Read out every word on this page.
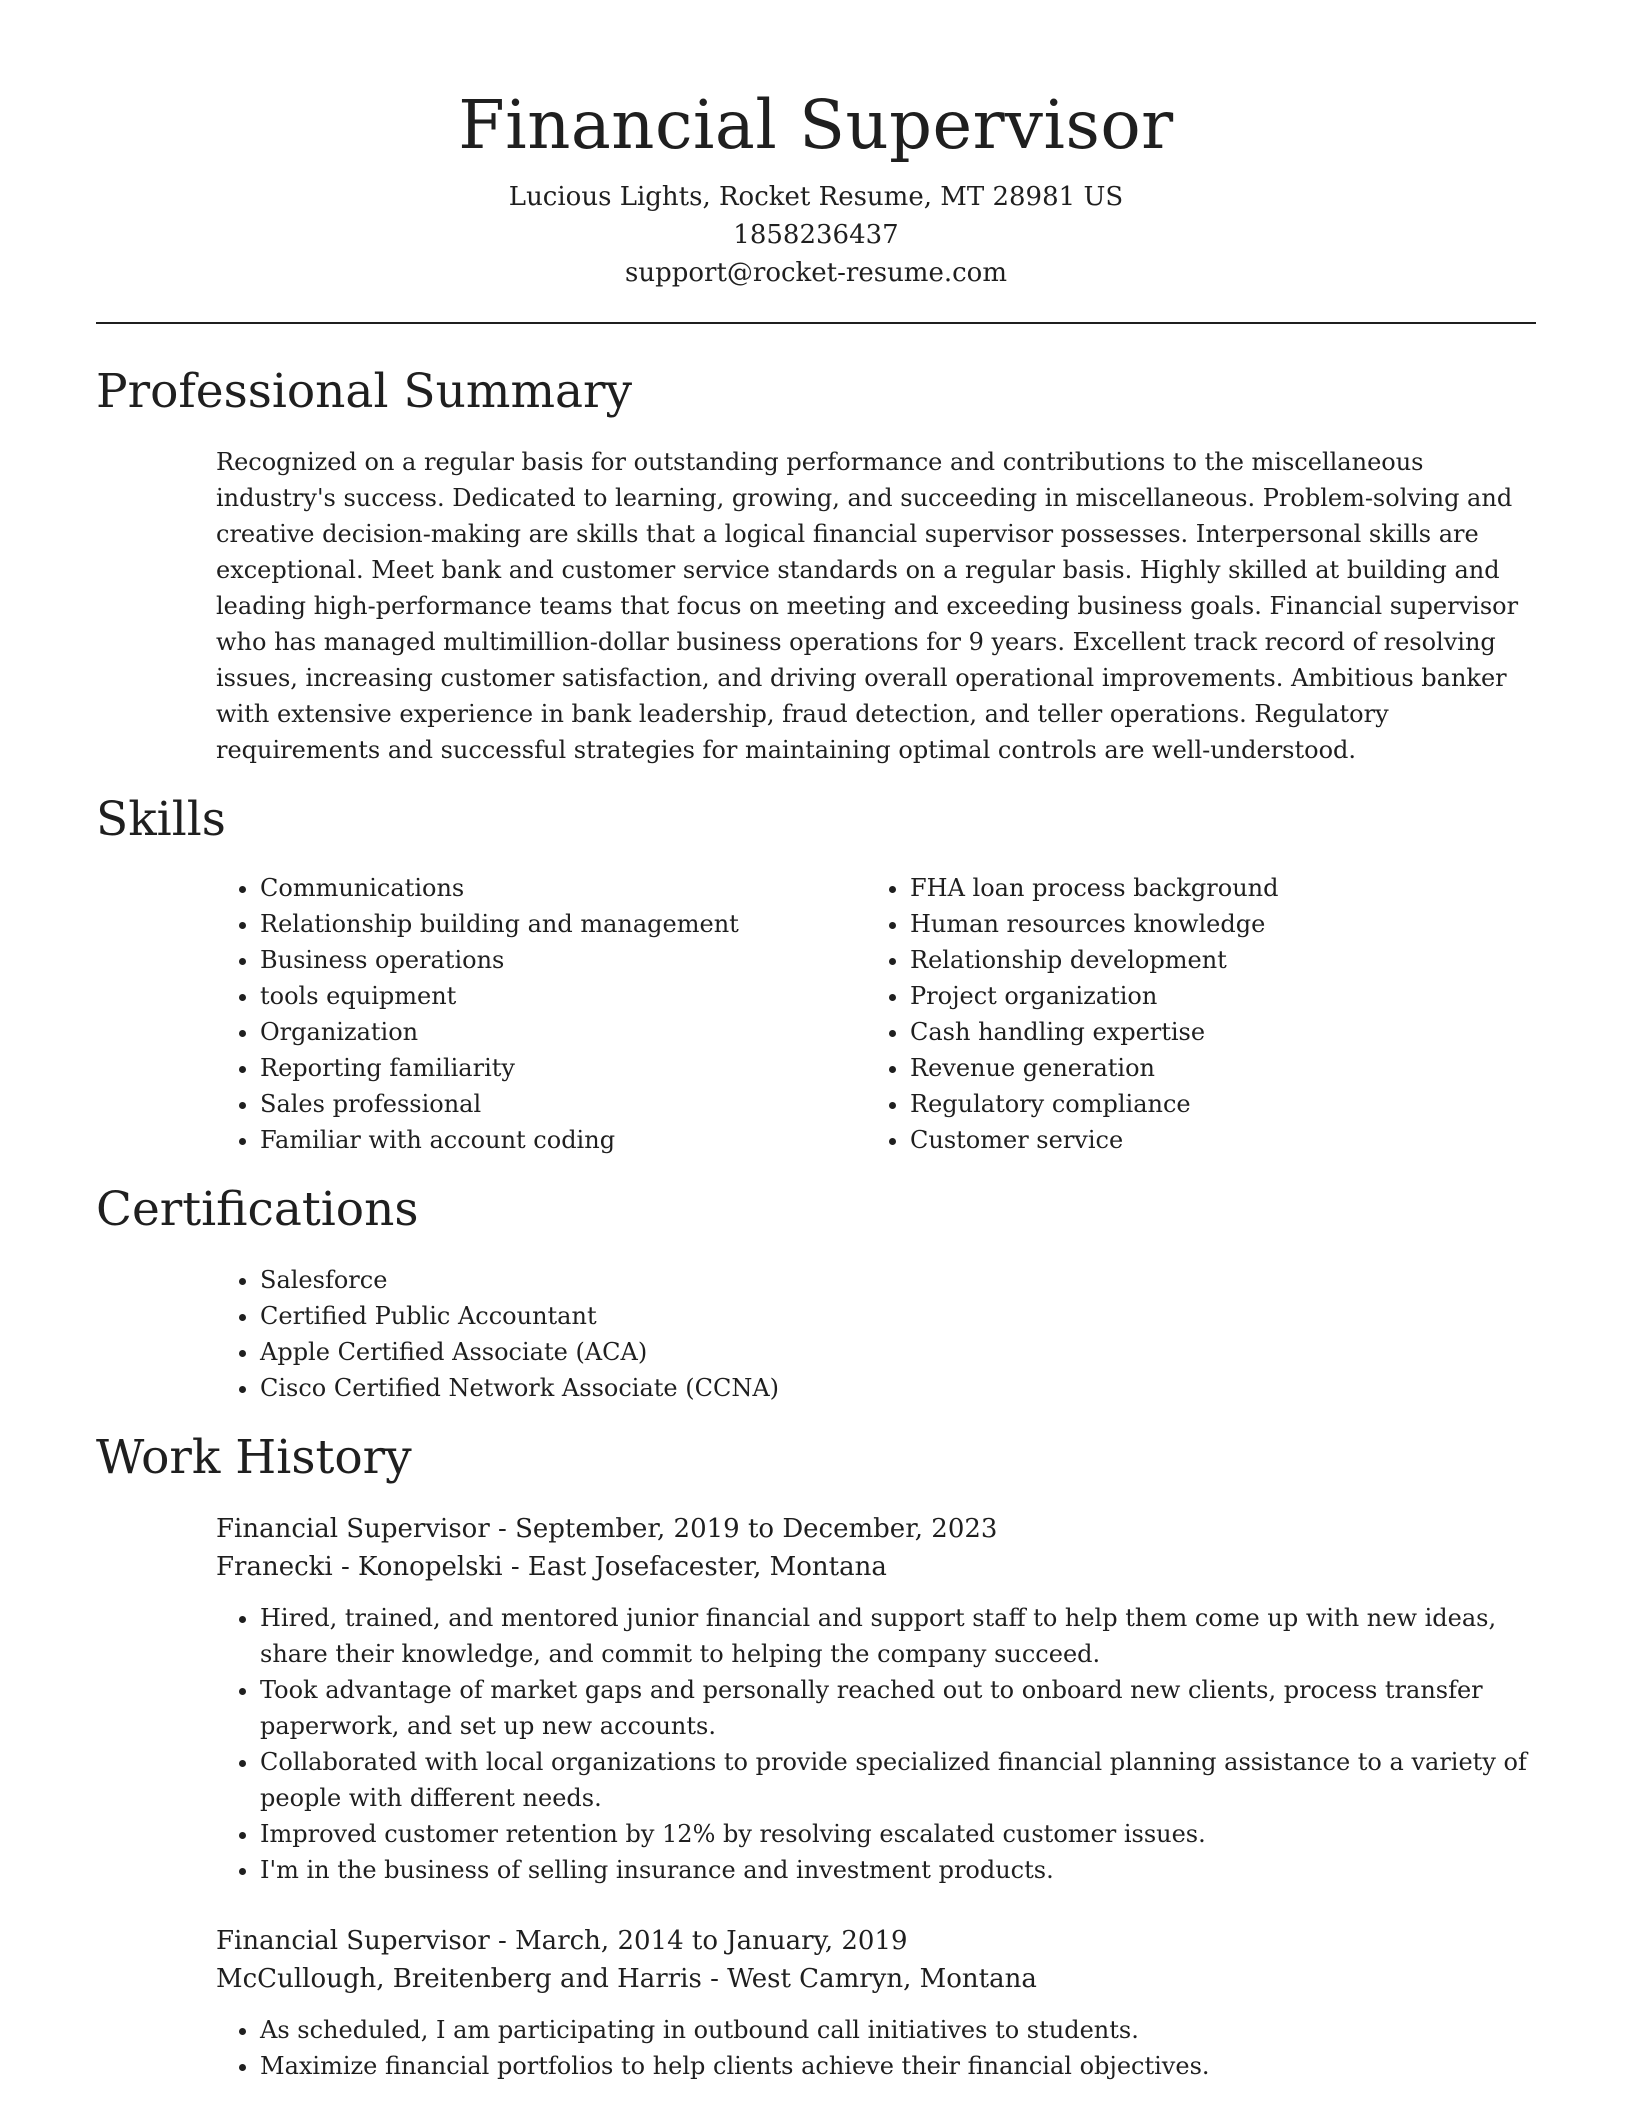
Financial Supervisor
Lucious Lights, Rocket Resume, MT 28981 US
1858236437
support@rocket-resume.com
Professional Summary

Recognized on a regular basis for outstanding performance and contributions to the miscellaneous industry's success. Dedicated to learning, growing, and succeeding in miscellaneous. Problem-solving and creative decision-making are skills that a logical financial supervisor possesses. Interpersonal skills are exceptional. Meet bank and customer service standards on a regular basis. Highly skilled at building and leading high-performance teams that focus on meeting and exceeding business goals. Financial supervisor who has managed multimillion-dollar business operations for 9 years. Excellent track record of resolving issues, increasing customer satisfaction, and driving overall operational improvements. Ambitious banker with extensive experience in bank leadership, fraud detection, and teller operations. Regulatory requirements and successful strategies for maintaining optimal controls are well-understood.

Skills
• Communications
• Relationship building and management
• Business operations
• tools equipment
• Organization
• Reporting familiarity
• Sales professional
• Familiar with account coding
• FHA loan process background
• Human resources knowledge
• Relationship development
• Project organization
• Cash handling expertise
• Revenue generation
• Regulatory compliance
• Customer service
Certifications
• Salesforce
• Certified Public Accountant
• Apple Certified Associate (ACA)
• Cisco Certified Network Associate (CCNA)
Work History
Financial Supervisor - September, 2019 to December, 2023
Franecki - Konopelski - East Josefacester, Montana
• Hired, trained, and mentored junior financial and support staff to help them come up with new ideas, share their knowledge, and commit to helping the company succeed.
• Took advantage of market gaps and personally reached out to onboard new clients, process transfer paperwork, and set up new accounts.
• Collaborated with local organizations to provide specialized financial planning assistance to a variety of people with different needs.
• Improved customer retention by 12% by resolving escalated customer issues.
• I'm in the business of selling insurance and investment products.
Financial Supervisor - March, 2014 to January, 2019
McCullough, Breitenberg and Harris - West Camryn, Montana
• As scheduled, I am participating in outbound call initiatives to students.
• Maximize financial portfolios to help clients achieve their financial objectives.
